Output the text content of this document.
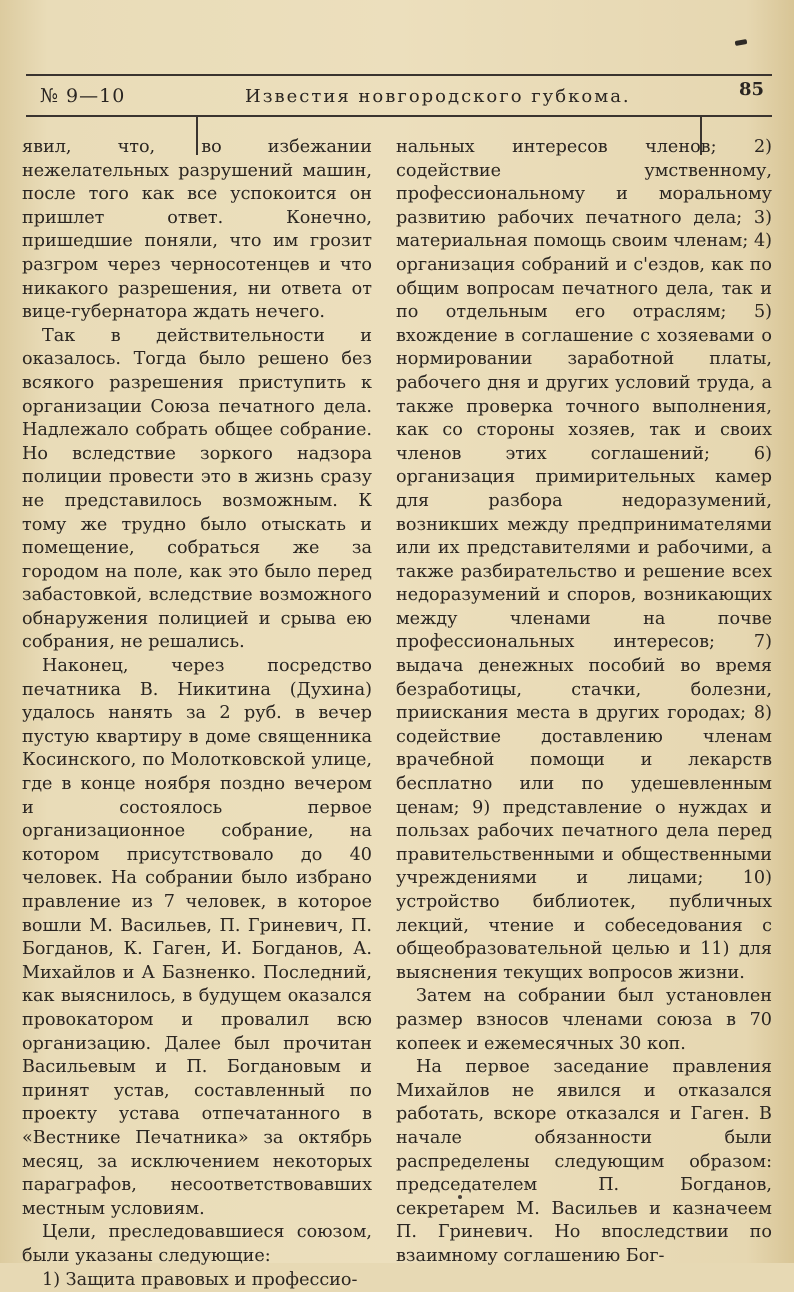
№ 9—10	Известия новгородского губкома.	85

явил, что, во избежании нежелательных разрушений машин, после того как все успокоится он пришлет ответ. Конечно, пришедшие поняли, что им грозит разгром через черносотенцев и что никакого разрешения, ни ответа от вице-губернатора ждать нечего.

Так в действительности и оказалось. Тогда было решено без всякого разрешения приступить к организации Союза печатного дела. Надлежало собрать общее собрание. Но вследствие зоркого надзора полиции провести это в жизнь сразу не представилось возможным. К тому же трудно было отыскать и помещение, собраться же за городом на поле, как это было перед забастовкой, вследствие возможного обнаружения полицией и срыва ею собрания, не решались.

Наконец, через посредство печатника В. Никитина (Духина) удалось нанять за 2 руб. в вечер пустую квартиру в доме священника Косинского, по Молотковской улице, где в конце ноября поздно вечером и состоялось первое организационное собрание, на котором присутствовало до 40 человек. На собрании было избрано правление из 7 человек, в которое вошли М. Васильев, П. Гриневич, П. Богданов, К. Гаген, И. Богданов, А. Михайлов и А Базненко. Последний, как выяснилось, в будущем оказался провокатором и провалил всю организацию. Далее был прочитан Васильевым и П. Богдановым и принят устав, составленный по проекту устава отпечатанного в «Вестнике Печатника» за октябрь месяц, за исключением некоторых параграфов, несоответствовавших местным условиям.

Цели, преследовавшиеся союзом, были указаны следующие:

1) Защита правовых и профессио-

нальных интересов членов; 2) содействие умственному, профессиональному и моральному развитию рабочих печатного дела; 3) материальная помощь своим членам; 4) организация собраний и с'ездов, как по общим вопросам печатного дела, так и по отдельным его отраслям; 5) вхождение в соглашение с хозяевами о нормировании заработной платы, рабочего дня и других условий труда, а также проверка точного выполнения, как со стороны хозяев, так и своих членов этих соглашений; 6) организация примирительных камер для разбора недоразумений, возникших между предпринимателями или их представителями и рабочими, а также разбирательство и решение всех недоразумений и споров, возникающих между членами на почве профессиональных интересов; 7) выдача денежных пособий во время безработицы, стачки, болезни, приискания места в других городах; 8) содействие доставлению членам врачебной помощи и лекарств бесплатно или по удешевленным ценам; 9) представление о нуждах и пользах рабочих печатного дела перед правительственными и общественными учреждениями и лицами; 10) устройство библиотек, публичных лекций, чтение и собеседования с общеобразовательной целью и 11) для выяснения текущих вопросов жизни.

Затем на собрании был установлен размер взносов членами союза в 70 копеек и ежемесячных 30 коп.

На первое заседание правления Михайлов не явился и отказался работать, вскоре отказался и Гаген. В начале обязанности были распределены следующим образом: председателем П. Богданов, секретарем М. Васильев и казначеем П. Гриневич. Но впоследствии по взаимному соглашению Бог-
